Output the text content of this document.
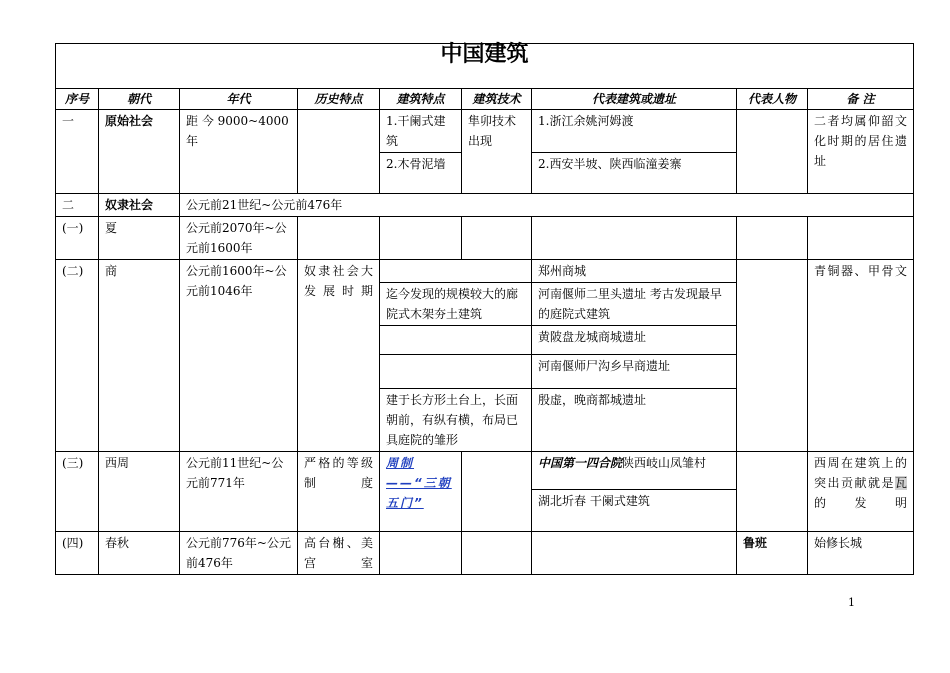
中国建筑								
序号	朝代	年代	历史特点	建筑特点	建筑技术	代表建筑或遗址	代表人物	备 注
一	原始社会	距 今 9000~4000 年		1.干阑式建筑	隼卯技术出现	1.浙江余姚河姆渡		二者均属仰韶文化时期的居住遗址
				2.木骨泥墙		2.西安半坡、陕西临潼姜寨		

二	奴隶社会	公元前21世纪~公元前476年						
(一)	夏	公元前2070年~公元前1600年						
(二)	商	公元前1600年~公元前1046年	奴隶社会大发展时期			郑州商城		青铜器、甲骨文
				迄今发现的规模较大的廊院式木架夯土建筑		河南偃师二里头遗址 考古发现最早的庭院式建筑		
						黄陂盘龙城商城遗址		
						河南偃师尸沟乡早商遗址		

				建于长方形土台上，长面朝前，有纵有横，布局已具庭院的雏形				
						殷虚，晚商都城遗址		
(三)	西周	公元前11世纪~公元前771年	严格的等级制度	周制——“三朝五门”		中国第一四合院陕西岐山凤雏村		西周在建筑上的突出贡献就是瓦的发明
						湖北圻春 干阑式建筑		
(四)	春秋	公元前776年~公元前476年	高台榭、美宫室				鲁班	始修长城
1
